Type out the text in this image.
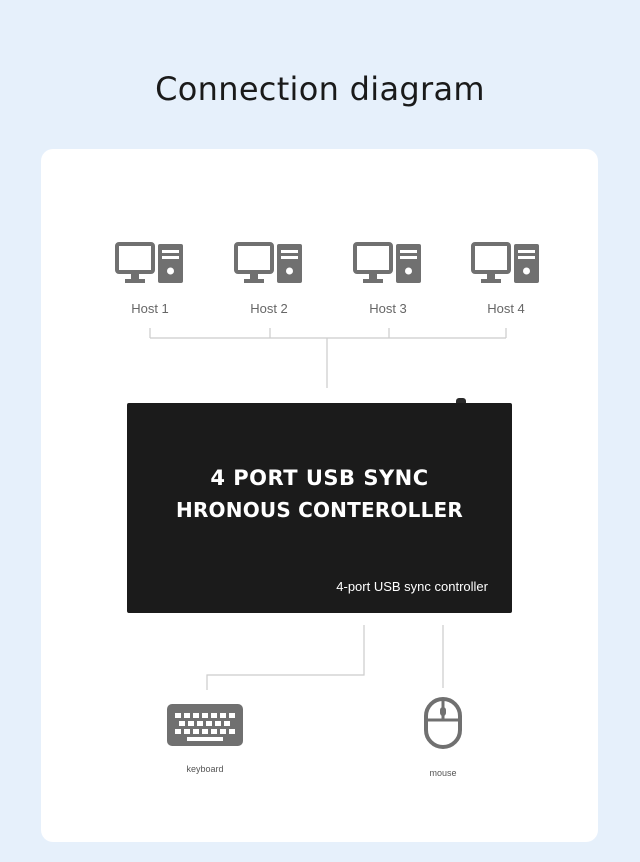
Connection diagram
Host 1	Host 2	Host 3	Host 4
4 PORT USB SYNC
HRONOUS CONTEROLLER
4-port USB sync controller
keyboard	mouse
